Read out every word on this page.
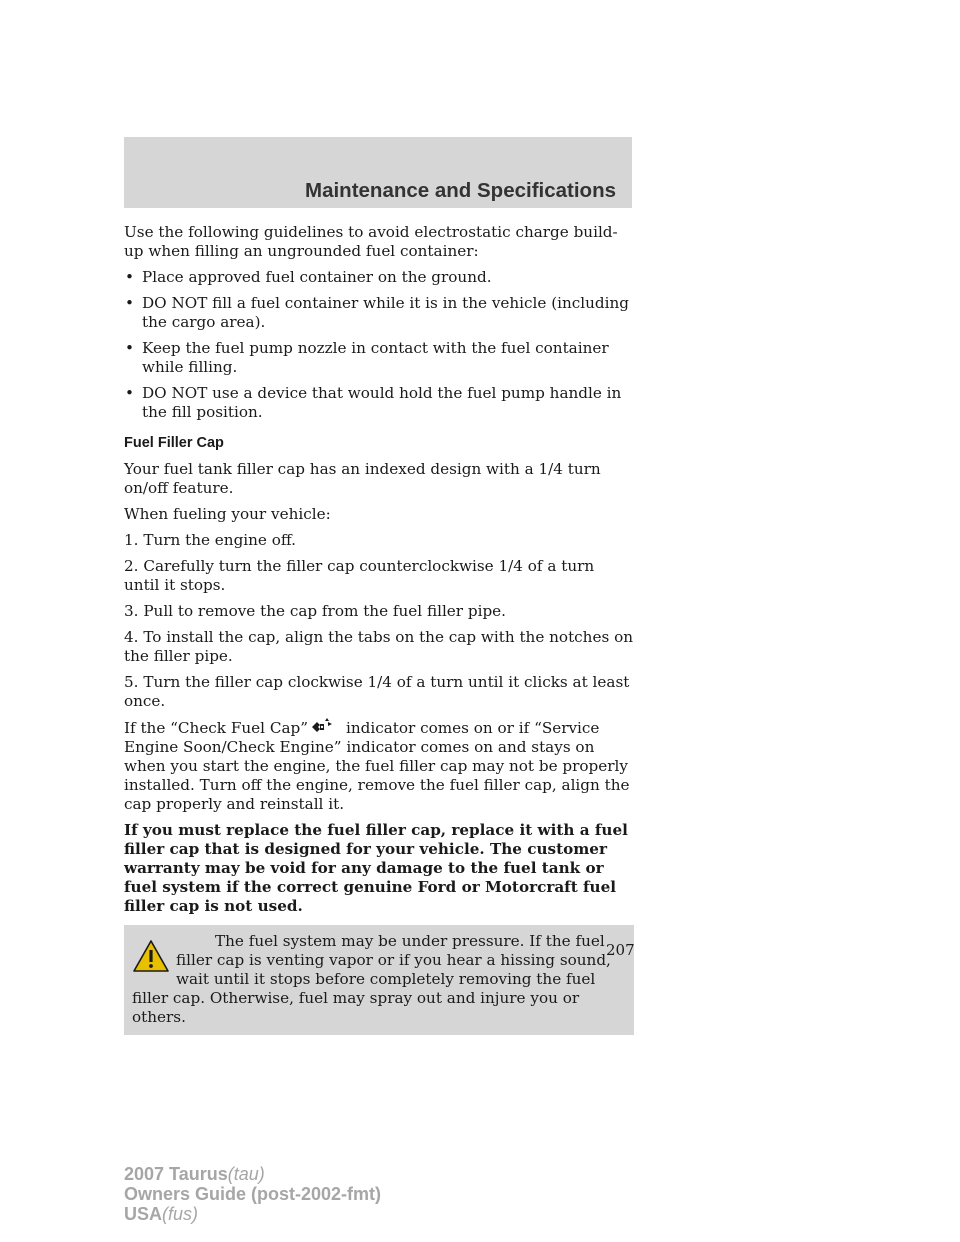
Maintenance and Specifications

Use the following guidelines to avoid electrostatic charge build-up when filling an ungrounded fuel container:

• Place approved fuel container on the ground.
• DO NOT fill a fuel container while it is in the vehicle (including the cargo area).
• Keep the fuel pump nozzle in contact with the fuel container while filling.
• DO NOT use a device that would hold the fuel pump handle in the fill position.
Fuel Filler Cap

Your fuel tank filler cap has an indexed design with a 1/4 turn on/off feature.

When fueling your vehicle:

1. Turn the engine off.

2. Carefully turn the filler cap counterclockwise 1/4 of a turn until it stops.

3. Pull to remove the cap from the fuel filler pipe.

4. To install the cap, align the tabs on the cap with the notches on the filler pipe.

5. Turn the filler cap clockwise 1/4 of a turn until it clicks at least once.

If the “Check Fuel Cap”	indicator comes on or if “Service Engine Soon/Check Engine” indicator comes on and stays on when you start the engine, the fuel filler cap may not be properly installed. Turn off the engine, remove the fuel filler cap, align the cap properly and reinstall it.

If you must replace the fuel filler cap, replace it with a fuel filler cap that is designed for your vehicle. The customer warranty may be void for any damage to the fuel tank or fuel system if the correct genuine Ford or Motorcraft fuel filler cap is not used.

The fuel system may be under pressure. If the fuel filler cap is venting vapor or if you hear a hissing sound, wait until it stops before completely removing the fuel filler cap. Otherwise, fuel may spray out and injure you or others.
207
2007 Taurus(tau)
Owners Guide (post-2002-fmt)
USA(fus)
